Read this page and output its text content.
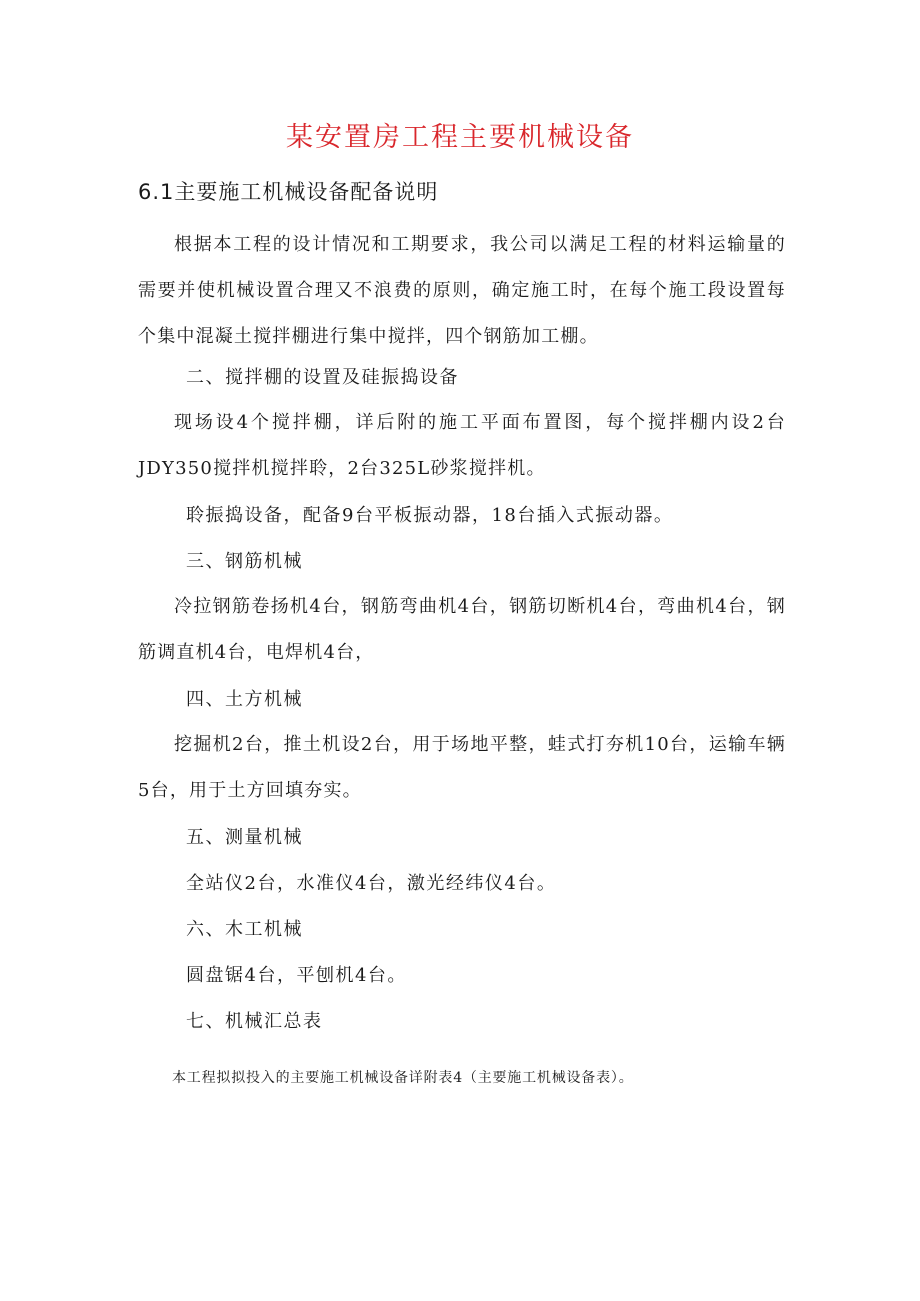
某安置房工程主要机械设备
6.1主要施工机械设备配备说明

根据本工程的设计情况和工期要求，我公司以满足工程的材料运输量的需要并使机械设置合理又不浪费的原则，确定施工时，在每个施工段设置每个集中混凝土搅拌棚进行集中搅拌，四个钢筋加工棚。

二、搅拌棚的设置及硅振捣设备

现场设4个搅拌棚，详后附的施工平面布置图，每个搅拌棚内设2台JDY350搅拌机搅拌聆，2台325L砂浆搅拌机。

聆振捣设备，配备9台平板振动器，18台插入式振动器。

三、钢筋机械

冷拉钢筋卷扬机4台，钢筋弯曲机4台，钢筋切断机4台，弯曲机4台，钢筋调直机4台，电焊机4台，

四、土方机械

挖掘机2台，推土机设2台，用于场地平整，蛙式打夯机10台，运输车辆5台，用于土方回填夯实。

五、测量机械

全站仪2台，水准仪4台，激光经纬仪4台。

六、木工机械

圆盘锯4台，平刨机4台。

七、机械汇总表

本工程拟拟投入的主要施工机械设备详附表4（主要施工机械设备表）。
